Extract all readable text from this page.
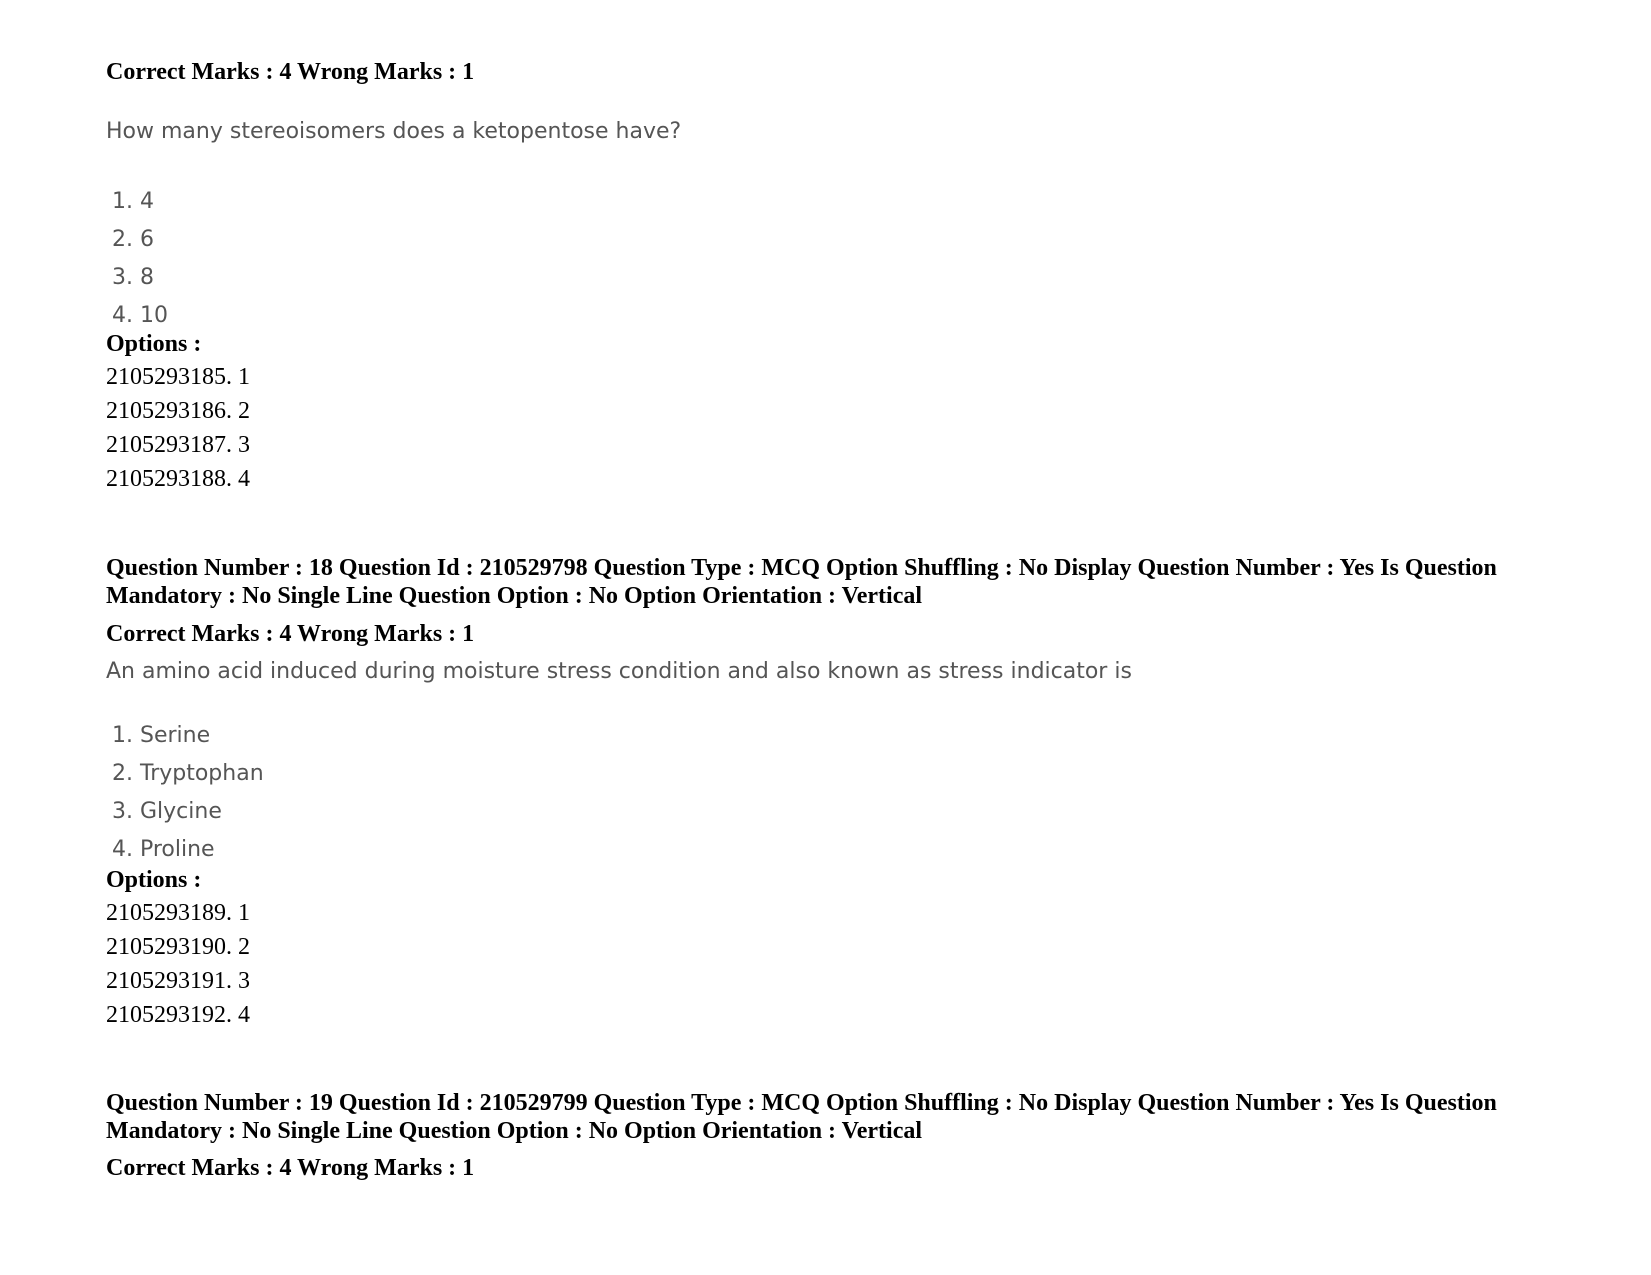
Correct Marks : 4 Wrong Marks : 1
How many stereoisomers does a ketopentose have?
1. 4
2. 6
3. 8
4. 10
Options :
2105293185. 1
2105293186. 2
2105293187. 3
2105293188. 4
Question Number : 18 Question Id : 210529798 Question Type : MCQ Option Shuffling : No Display Question Number : Yes Is Question Mandatory : No Single Line Question Option : No Option Orientation : Vertical
Correct Marks : 4 Wrong Marks : 1
An amino acid induced during moisture stress condition and also known as stress indicator is
1. Serine
2. Tryptophan
3. Glycine
4. Proline
Options :
2105293189. 1
2105293190. 2
2105293191. 3
2105293192. 4
Question Number : 19 Question Id : 210529799 Question Type : MCQ Option Shuffling : No Display Question Number : Yes Is Question Mandatory : No Single Line Question Option : No Option Orientation : Vertical
Correct Marks : 4 Wrong Marks : 1
